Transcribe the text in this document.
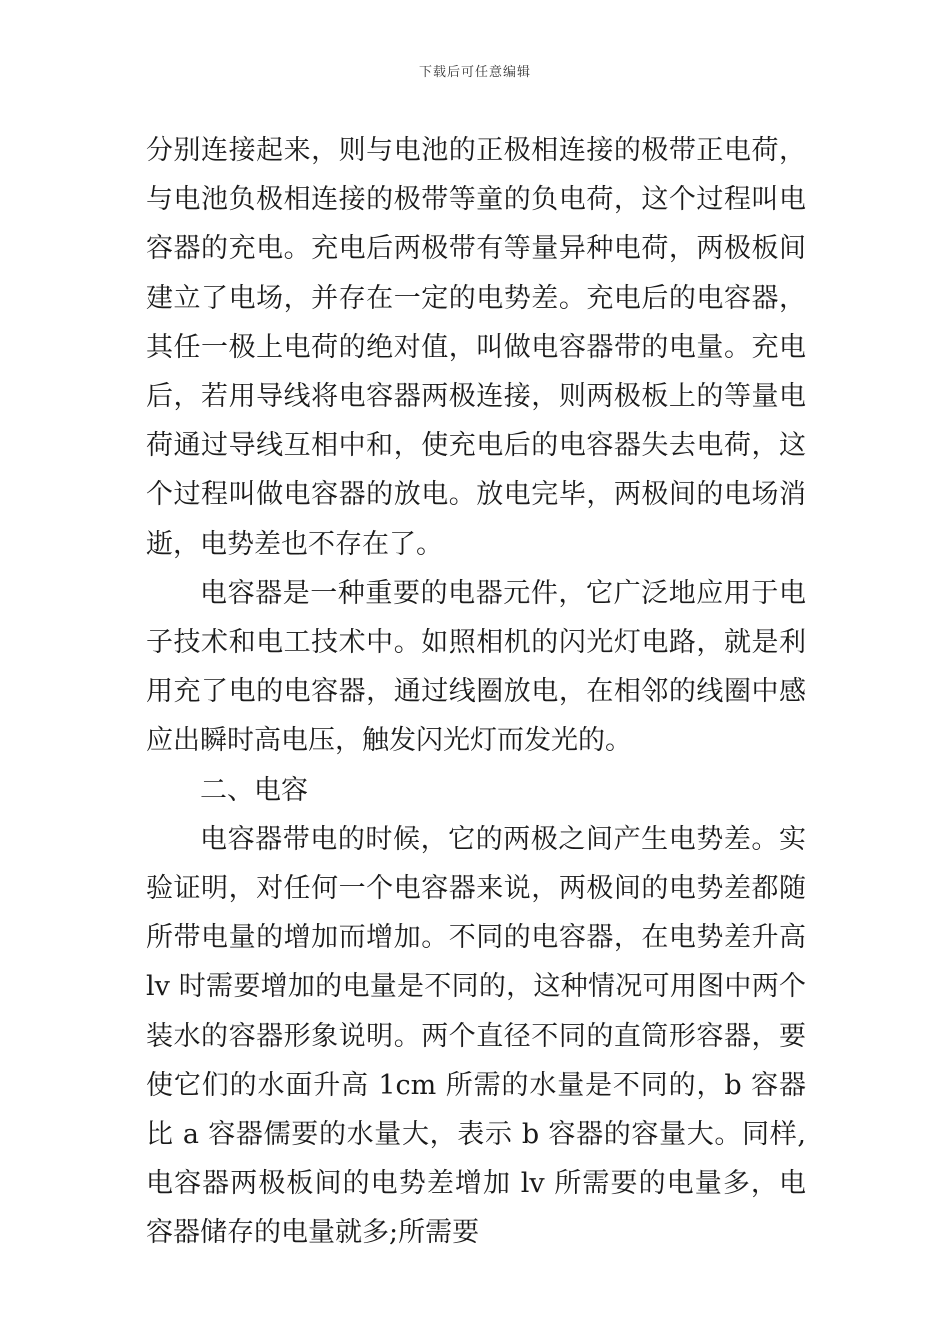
下载后可任意编辑

分别连接起来，则与电池的正极相连接的极带正电荷，与电池负极相连接的极带等童的负电荷，这个过程叫电容器的充电。充电后两极带有等量异种电荷，两极板间建立了电场，并存在一定的电势差。充电后的电容器，其任一极上电荷的绝对值，叫做电容器带的电量。充电后，若用导线将电容器两极连接，则两极板上的等量电荷通过导线互相中和，使充电后的电容器失去电荷，这个过程叫做电容器的放电。放电完毕，两极间的电场消逝，电势差也不存在了。

电容器是一种重要的电器元件，它广泛地应用于电子技术和电工技术中。如照相机的闪光灯电路，就是利用充了电的电容器，通过线圈放电，在相邻的线圈中感应出瞬时高电压，触发闪光灯而发光的。

二、电容

电容器带电的时候，它的两极之间产生电势差。实验证明，对任何一个电容器来说，两极间的电势差都随所带电量的增加而增加。不同的电容器，在电势差升高 lv 时需要增加的电量是不同的，这种情况可用图中两个装水的容器形象说明。两个直径不同的直筒形容器，要使它们的水面升高 1cm 所需的水量是不同的，b 容器比 a 容器儒要的水量大，表示 b 容器的容量大。同样,电容器两极板间的电势差增加 lv 所需要的电量多，电容器储存的电量就多;所需要
